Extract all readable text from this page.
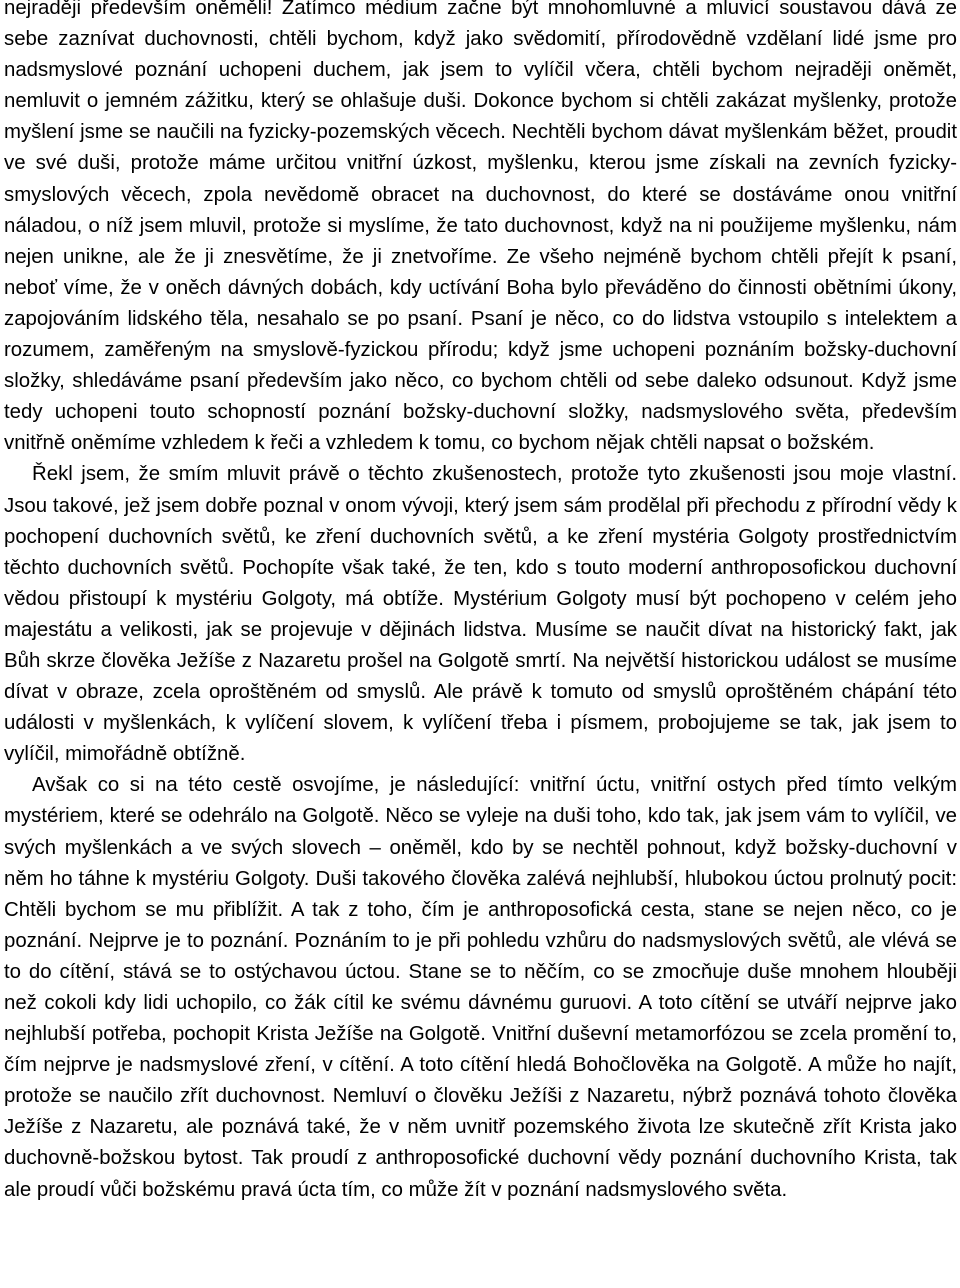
nejraději především oněměli! Zatímco médium začne být mnohomluvné a mluvicí soustavou dává ze sebe zaznívat duchovnosti, chtěli bychom, když jako svědomití, přírodovědně vzdělaní lidé jsme pro nadsmyslové poznání uchopeni duchem, jak jsem to vylíčil včera, chtěli bychom nejraději oněmět, nemluvit o jemném zážitku, který se ohlašuje duši. Dokonce bychom si chtěli zakázat myšlenky, protože myšlení jsme se naučili na fyzicky-pozemských věcech. Nechtěli bychom dávat myšlenkám běžet, proudit ve své duši, protože máme určitou vnitřní úzkost, myšlenku, kterou jsme získali na zevních fyzicky-smyslových věcech, zpola nevědomě obracet na duchovnost, do které se dostáváme onou vnitřní náladou, o níž jsem mluvil, protože si myslíme, že tato duchovnost, když na ni použijeme myšlenku, nám nejen unikne, ale že ji znesvětíme, že ji znetvoříme. Ze všeho nejméně bychom chtěli přejít k psaní, neboť víme, že v oněch dávných dobách, kdy uctívání Boha bylo převáděno do činnosti obětními úkony, zapojováním lidského těla, nesahalo se po psaní. Psaní je něco, co do lidstva vstoupilo s intelektem a rozumem, zaměřeným na smyslově-fyzickou přírodu; když jsme uchopeni poznáním božsky-duchovní složky, shledáváme psaní především jako něco, co bychom chtěli od sebe daleko odsunout. Když jsme tedy uchopeni touto schopností poznání božsky-duchovní složky, nadsmyslového světa, především vnitřně oněmíme vzhledem k řeči a vzhledem k tomu, co bychom nějak chtěli napsat o božském.

Řekl jsem, že smím mluvit právě o těchto zkušenostech, protože tyto zkušenosti jsou moje vlastní. Jsou takové, jež jsem dobře poznal v onom vývoji, který jsem sám prodělal při přechodu z přírodní vědy k pochopení duchovních světů, ke zření duchovních světů, a ke zření mystéria Golgoty prostřednictvím těchto duchovních světů. Pochopíte však také, že ten, kdo s touto moderní anthroposofickou duchovní vědou přistoupí k mystériu Golgoty, má obtíže. Mystérium Golgoty musí být pochopeno v celém jeho majestátu a velikosti, jak se projevuje v dějinách lidstva. Musíme se naučit dívat na historický fakt, jak Bůh skrze člověka Ježíše z Nazaretu prošel na Golgotě smrtí. Na největší historickou událost se musíme dívat v obraze, zcela oproštěném od smyslů. Ale právě k tomuto od smyslů oproštěném chápání této události v myšlenkách, k vylíčení slovem, k vylíčení třeba i písmem, probojujeme se tak, jak jsem to vylíčil, mimořádně obtížně.

Avšak co si na této cestě osvojíme, je následující: vnitřní úctu, vnitřní ostych před tímto velkým mystériem, které se odehrálo na Golgotě. Něco se vyleje na duši toho, kdo tak, jak jsem vám to vylíčil, ve svých myšlenkách a ve svých slovech – oněměl, kdo by se nechtěl pohnout, když božsky-duchovní v něm ho táhne k mystériu Golgoty. Duši takového člověka zalévá nejhlubší, hlubokou úctou prolnutý pocit: Chtěli bychom se mu přiblížit. A tak z toho, čím je anthroposofická cesta, stane se nejen něco, co je poznání. Nejprve je to poznání. Poznáním to je při pohledu vzhůru do nadsmyslových světů, ale vlévá se to do cítění, stává se to ostýchavou úctou. Stane se to něčím, co se zmocňuje duše mnohem hlouběji než cokoli kdy lidi uchopilo, co žák cítil ke svému dávnému guruovi. A toto cítění se utváří nejprve jako nejhlubší potřeba, pochopit Krista Ježíše na Golgotě. Vnitřní duševní metamorfózou se zcela promění to, čím nejprve je nadsmyslové zření, v cítění. A toto cítění hledá Bohočlověka na Golgotě. A může ho najít, protože se naučilo zřít duchovnost. Nemluví o člověku Ježíši z Nazaretu, nýbrž poznává tohoto člověka Ježíše z Nazaretu, ale poznává také, že v něm uvnitř pozemského života lze skutečně zřít Krista jako duchovně-božskou bytost. Tak proudí z anthroposofické duchovní vědy poznání duchovního Krista, tak ale proudí vůči božskému pravá úcta tím, co může žít v poznání nadsmyslového světa.
